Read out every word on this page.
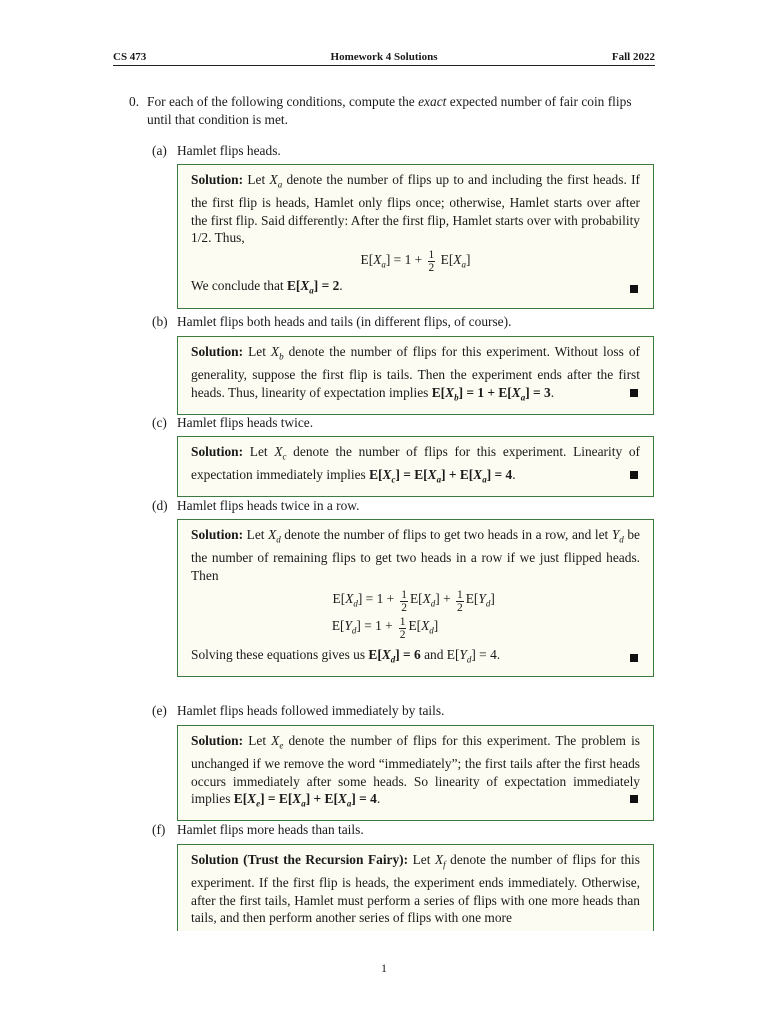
CS 473	Homework 4 Solutions	Fall 2022
0. For each of the following conditions, compute the exact expected number of fair coin flips until that condition is met.
(a) Hamlet flips heads.

Solution: Let $X_a$ denote the number of flips up to and including the first heads. If the first flip is heads, Hamlet only flips once; otherwise, Hamlet starts over after the first flip. Said differently: After the first flip, Hamlet starts over with probability 1/2. Thus,

$E[X_a] = 1 + \frac{1}{2} E[X_a]$
We conclude that $E[X_a] = 2$.
(b) Hamlet flips both heads and tails (in different flips, of course).

Solution: Let $X_b$ denote the number of flips for this experiment. Without loss of generality, suppose the first flip is tails. Then the experiment ends after the first heads. Thus, linearity of expectation implies $E[X_b] = 1 + E[X_a] = 3$.

(c) Hamlet flips heads twice.

Solution: Let $X_c$ denote the number of flips for this experiment. Linearity of expectation immediately implies $E[X_c] = E[X_a] + E[X_a] = 4$.

(d) Hamlet flips heads twice in a row.

Solution: Let $X_d$ denote the number of flips to get two heads in a row, and let $Y_d$ be the number of remaining flips to get two heads in a row if we just flipped heads. Then

$E[X_d] = 1 + \frac{1}{2} E[X_d]$ +
$\frac{1}{2} E[Y_d]$
$E[Y_d] = 1 + \frac{1}{2} E[X_d]$
Solving these equations gives us $E[X_d] = 6$ and $E[Y_d] = 4$.
(e) Hamlet flips heads followed immediately by tails.

Solution: Let $X_e$ denote the number of flips for this experiment. The problem is unchanged if we remove the word “immediately”; the first tails after the first heads occurs immediately after some heads. So linearity of expectation immediately implies $E[X_e] = E[X_a] + E[X_a] = 4$.

(f) Hamlet flips more heads than tails.

Solution (Trust the Recursion Fairy): Let $X_f$ denote the number of flips for this experiment. If the first flip is heads, the experiment ends immediately. Otherwise, after the first tails, Hamlet must perform a series of flips with one more heads than tails, and then perform another series of flips with one more

1
